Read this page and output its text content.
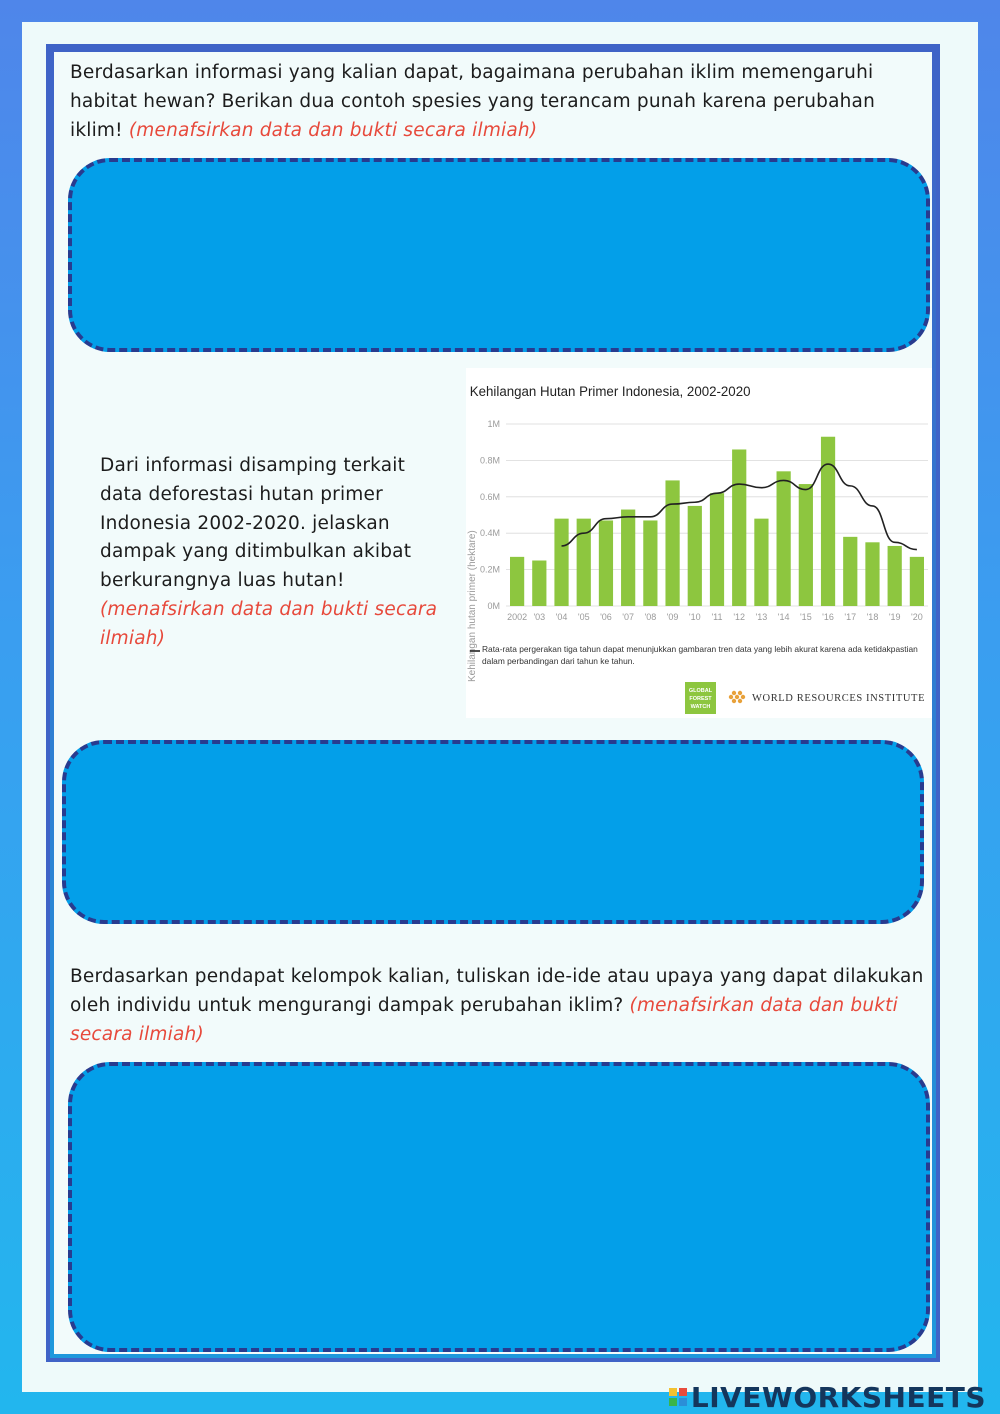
Berdasarkan informasi yang kalian dapat, bagaimana perubahan iklim memengaruhi habitat hewan? Berikan dua contoh spesies yang terancam punah karena perubahan iklim! (menafsirkan data dan bukti secara ilmiah)
Dari informasi disamping terkait data deforestasi hutan primer Indonesia 2002-2020. jelaskan dampak yang ditimbulkan akibat berkurangnya luas hutan! (menafsirkan data dan bukti secara ilmiah)
Kehilangan Hutan Primer Indonesia, 2002-2020
Kehilangan hutan primer (hektare)	2002 '03 '04 '05 '06 '07 '08 '09 '10 '11 '12 '13 '14 '15 '16 '17 '18 '19 '20
0M
0.2M
0.4M
0.6M
0.8M
1M
Rata-rata pergerakan tiga tahun dapat menunjukkan gambaran tren data yang lebih akurat karena ada ketidakpastian dalam perbandingan dari tahun ke tahun.
GLOBAL
FOREST
WATCH
WORLD RESOURCES INSTITUTE
Berdasarkan pendapat kelompok kalian, tuliskan ide-ide atau upaya yang dapat dilakukan oleh individu untuk mengurangi dampak perubahan iklim? (menafsirkan data dan bukti secara ilmiah)
LIVEWORKSHEETS
